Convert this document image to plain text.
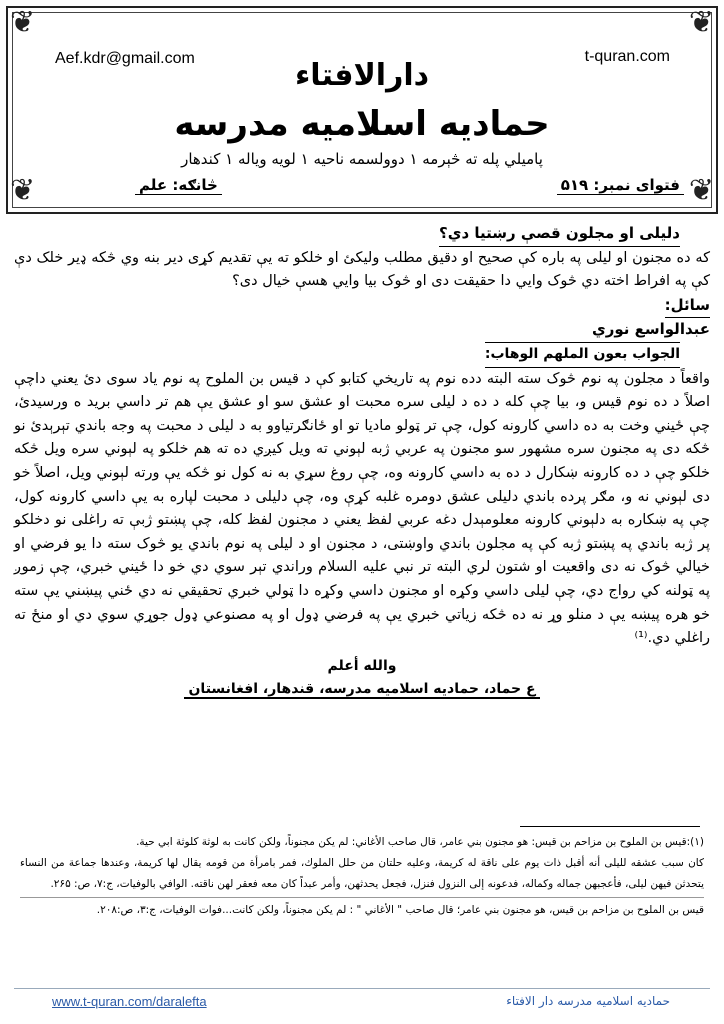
❦	❦
❦	❦
Aef.kdr@gmail.com	t-quran.com
دارالافتاء
حمادیه اسلامیه مدرسه
پامیلي پله ته څېرمه ۱ دوولسمه ناحیه ۱ لویه ویاله ۱ کندهار
فتوای نمبر: ۵۱۹
څانګه: علم
دلیلی او مجلون قصې رښتیا دي؟

که ده مجنون او لیلی په باره کې صحیح او دقیق مطلب ولیکئ او خلکو ته یې تقدیم کړی دیر بنه وي څکه ډیر خلک دې کې په افراط اخته دي څوک وایي دا حقیقت دی او څوک بیا وایي هسې خیال دی؟

سائل:
عبدالواسع نوري
الجواب بعون الملهم الوهاب:

واقعاً د مجلون په نوم څوک سته البته دده نوم په تاریخي کتابو کې د قیس بن الملوح په نوم یاد سوی دئ یعني داچې اصلاً د ده نوم قیس و، بیا چې کله د ده د لیلی سره محبت او عشق سو او عشق یې هم تر داسي برید ه ورسیدئ، چې ځیني وخت به ده داسي کارونه کول، چې تر ټولو ماديا تو او ځانګرتیاوو به د لیلی د محبت په وجه باندي تېرېدئ نو څکه دی په مجنون سره مشهور سو مجنون په عربي ژبه لېوني ته ویل کیږي ده ته هم خلکو په لېوني سره ویل څکه خلکو چې د ده کارونه ښکارل د ده به داسي کارونه وه، چې روغ سړي به نه کول نو څکه یې ورته لېوني ویل، اصلاً خو دی لېوني نه و، مګر پرده باندي دلیلی عشق دومره غلبه کړې وه، چې دلیلی د محبت لپاره به یې داسي کارونه کول، چې په ښکاره به دلېوني کارونه معلومېدل دغه عربي لفظ یعني د مجنون لفظ کله، چې پښتو ژبې ته راغلی نو دخلکو پر ژبه باندي په پښتو ژبه کې په مجلون باندي واوښتی، د مجنون او د لیلی په نوم باندي یو څوک سته دا یو فرضي او خیالي څوک نه دی واقعیت او شتون لري البته تر نبي علیه السلام وراندي تېر سوي دي خو دا ځیني خبري، چې زموږ په ټولنه کي رواج دي، چې لیلی داسي وکړه او مجنون داسي وکړه دا ټولي خبري تحقیقي نه دي ځني پیښني یې سته خو هره پیښه یې د منلو وړ نه ده څکه زیاتي خبري یې په فرضي ډول او په مصنوعي ډول جوړي سوي دي او منځ ته راغلي دي.⁽¹⁾

والله أعلم
ع حماد، حمادیه اسلامیه مدرسه، قندهار، افغانستان

(۱):قیس بن الملوح بن مزاحم بن قیس: هو مجنون بني عامر، قال صاحب الأغاني: لم یکن مجنوناً، ولکن کانت به لوثة کلوثة ابي حیة.

کان سبب عشقه للیلی أنه أقبل ذات یوم علی ناقة له کریمة، وعلیه حلتان من حلل الملوك، فمر بامرأة من قومه یقال لها کریمة، وعندها جماعة من النساء یتحدثن فیهن لیلی، فأعجبهن جماله وکماله، فدعونه إلی النزول فنزل، فجعل یحدثهن، وأمر عبداً کان معه فعقر لهن ناقته. الوافي بالوفیات، ج:۷، ص: ۲۶۵.

قیس بن الملوح بن مزاحم بن قیس، هو مجنون بني عامر؛ قال صاحب " الأغاني " : لم یکن مجنوناً، ولکن کانت...فوات الوفیات، ج:۳، ص:۲۰۸.

www.t-quran.com/daralefta	حمادیه اسلامیه مدرسه دار الافتاء
